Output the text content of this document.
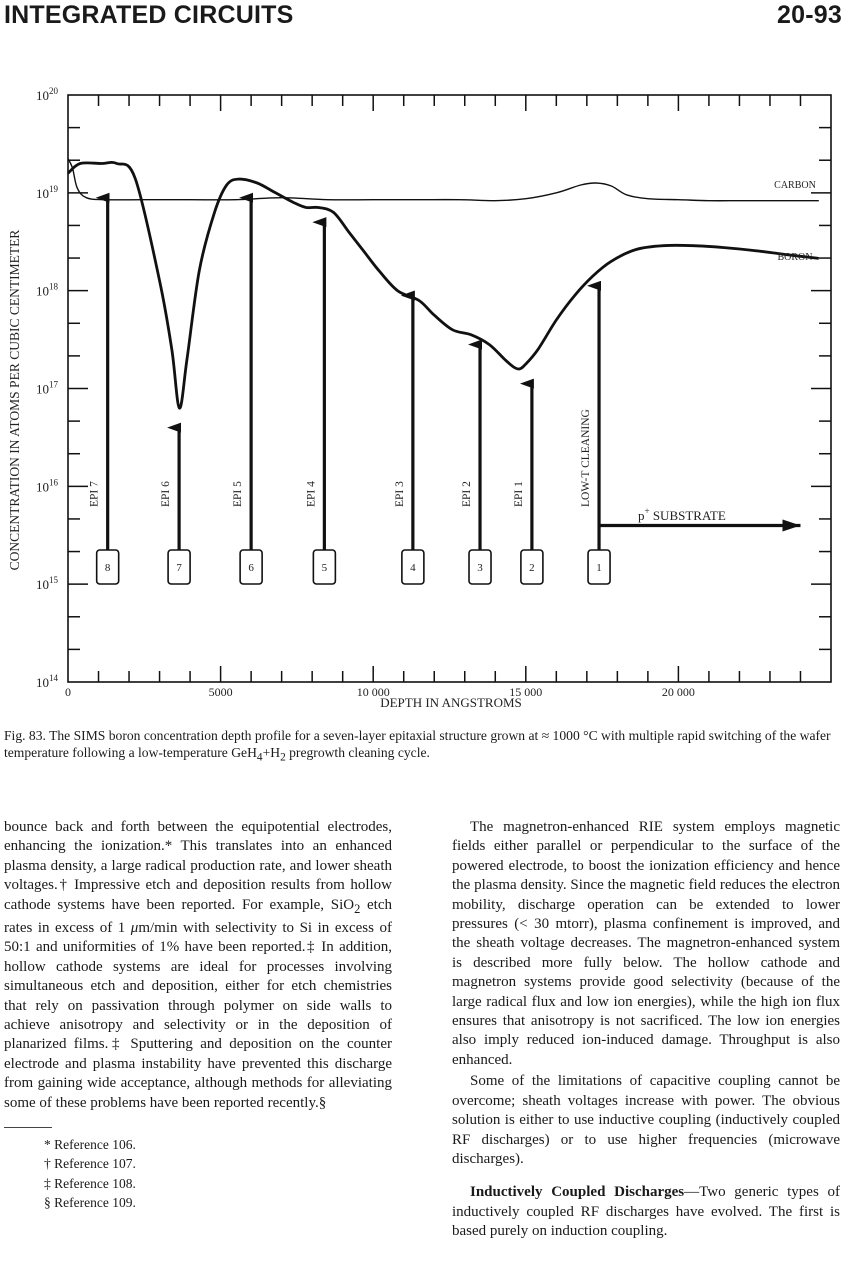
INTEGRATED CIRCUITS	20-93
$10^{14}$
$10^{15}$
$10^{16}$
$10^{17}$
$10^{18}$
$10^{19}$
$10^{20}$
0	5000	10 000	15 000	20 000
CONCENTRATION IN ATOMS PER CUBIC CENTIMETER
DEPTH IN ANGSTROMS
CARBON
BORON
8
EPI 7
7
EPI 6
6
EPI 5
5
EPI 4
4
EPI 3
3
EPI 2
2
EPI 1
1
LOW-T CLEANING
p+ SUBSTRATE
Fig. 83. The SIMS boron concentration depth profile for a seven-layer epitaxial structure grown at ≈ 1000 °C with multiple rapid switching of the wafer temperature following a low-temperature $GeH_4+H_2$ pregrowth cleaning cycle.

bounce back and forth between the equipotential electrodes, enhancing the ionization.* This translates into an enhanced plasma density, a large radical production rate, and lower sheath voltages.† Impressive etch and deposition results from hollow cathode systems have been reported. For example, SiO$_2$ etch rates in excess of 1 μm/min with selectivity to Si in excess of 50:1 and uniformities of 1% have been reported.‡ In addition, hollow cathode systems are ideal for processes involving simultaneous etch and deposition, either for etch chemistries that rely on passivation through polymer on side walls to achieve anisotropy and selectivity or in the deposition of planarized films.‡ Sputtering and deposition on the counter electrode and plasma instability have prevented this discharge from gaining wide acceptance, although methods for alleviating some of these problems have been reported recently.§

* Reference 106.

† Reference 107.

‡ Reference 108.

§ Reference 109.

The magnetron-enhanced RIE system employs magnetic fields either parallel or perpendicular to the surface of the powered electrode, to boost the ionization efficiency and hence the plasma density. Since the magnetic field reduces the electron mobility, discharge operation can be extended to lower pressures (< 30 mtorr), plasma confinement is improved, and the sheath voltage decreases. The magnetron-enhanced system is described more fully below. The hollow cathode and magnetron systems provide good selectivity (because of the large radical flux and low ion energies), while the high ion flux ensures that anisotropy is not sacrificed. The low ion energies also imply reduced ion-induced damage. Throughput is also enhanced.

Some of the limitations of capacitive coupling cannot be overcome; sheath voltages increase with power. The obvious solution is either to use inductive coupling (inductively coupled RF discharges) or to use higher frequencies (microwave discharges).

Inductively Coupled Discharges—Two generic types of inductively coupled RF discharges have evolved. The first is based purely on induction coupling.
